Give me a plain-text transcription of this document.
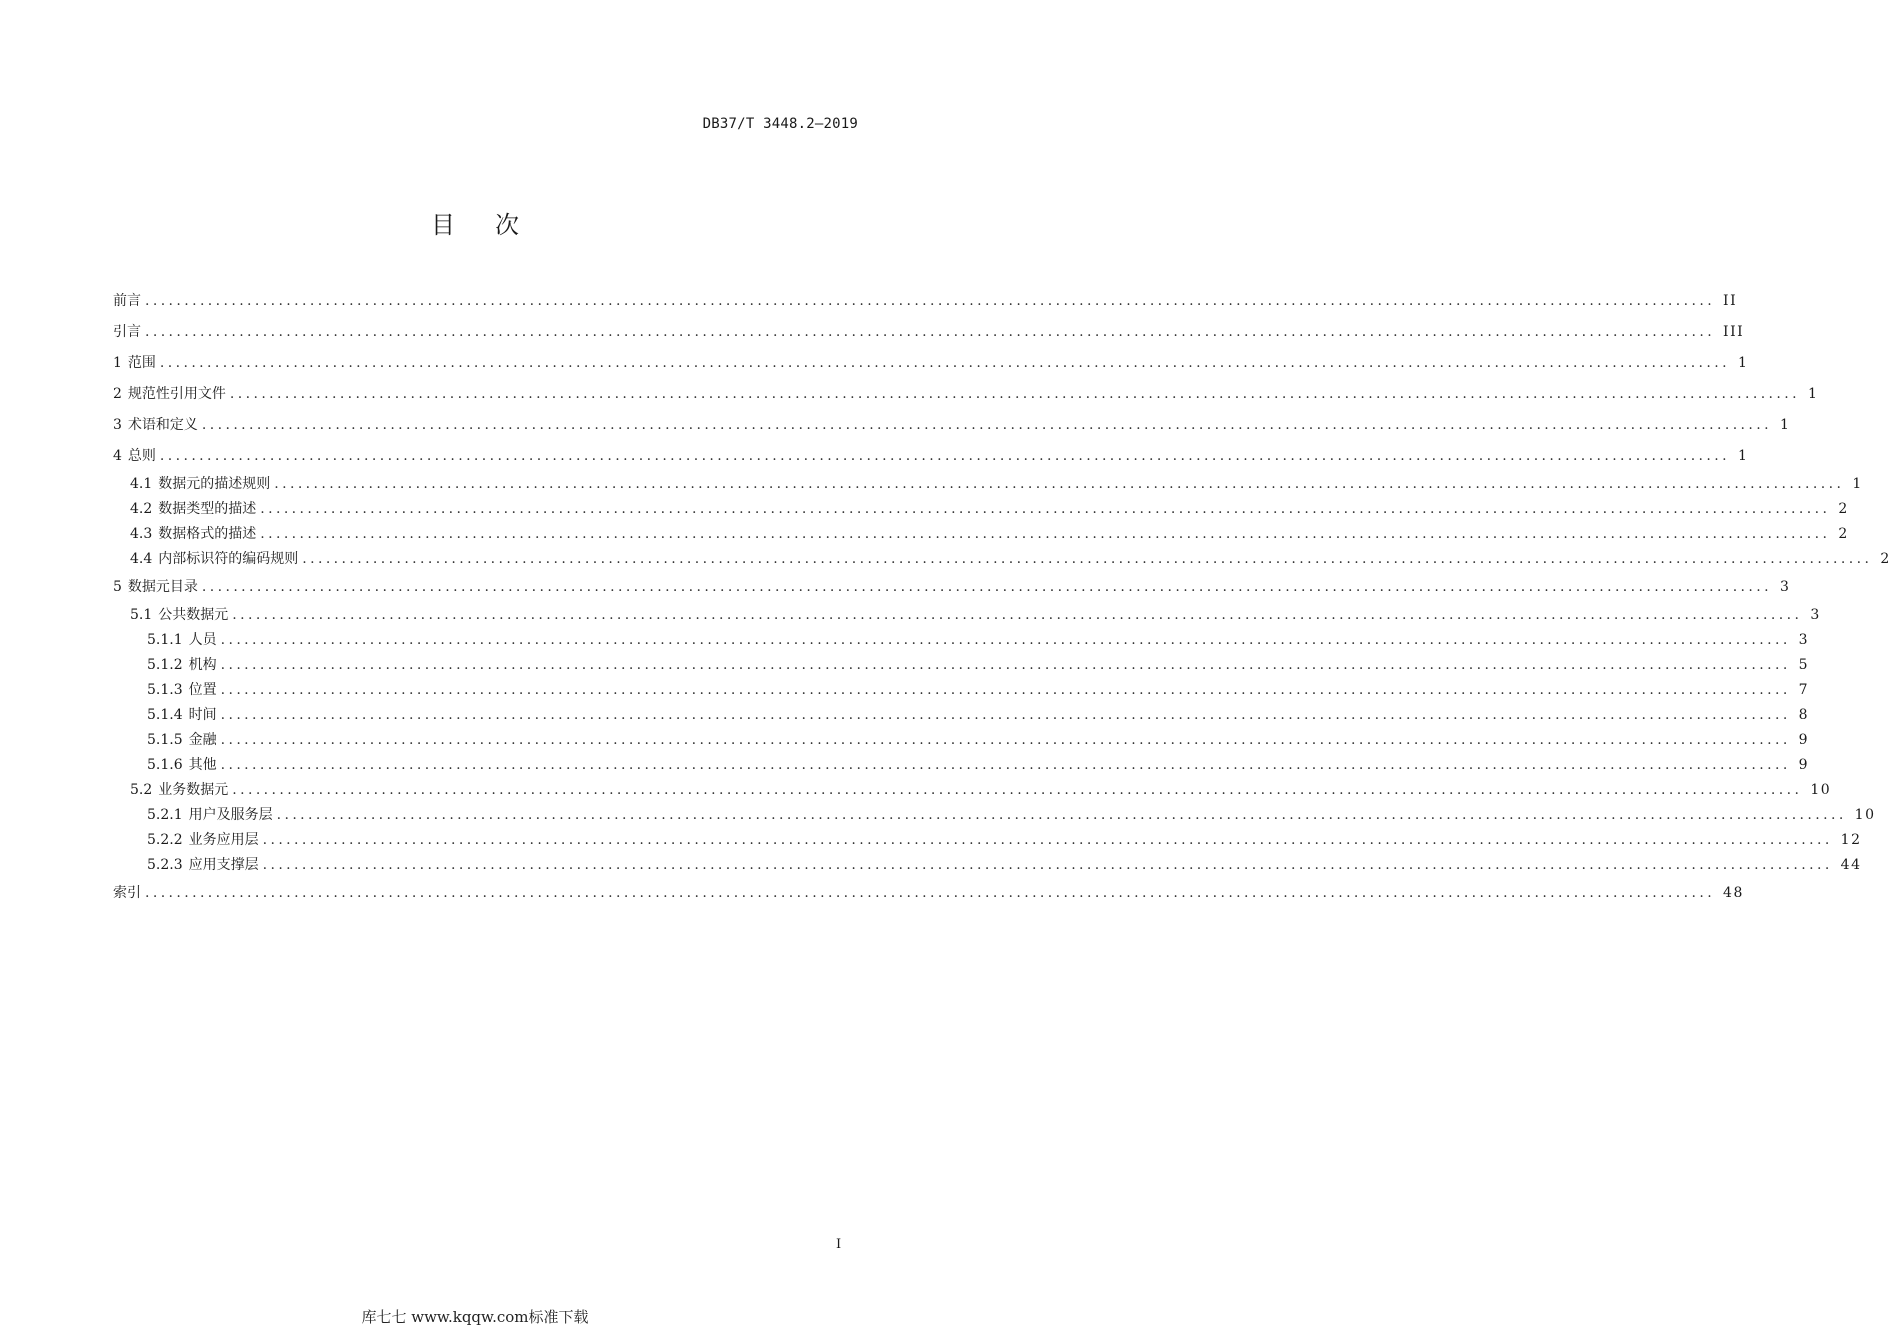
DB37/T 3448.2—2019
目次
前言 ........................................................................................................................................................................................................ II
引言 ........................................................................................................................................................................................................ III
1 范围 ........................................................................................................................................................................................................ 1
2 规范性引用文件 ........................................................................................................................................................................................................ 1
3 术语和定义 ........................................................................................................................................................................................................ 1
4 总则 ........................................................................................................................................................................................................ 1
4.1 数据元的描述规则 ........................................................................................................................................................................................................ 1
4.2 数据类型的描述 ........................................................................................................................................................................................................ 2
4.3 数据格式的描述 ........................................................................................................................................................................................................ 2
4.4 内部标识符的编码规则 ........................................................................................................................................................................................................ 2
5 数据元目录 ........................................................................................................................................................................................................ 3
5.1 公共数据元 ........................................................................................................................................................................................................ 3
5.1.1 人员 ........................................................................................................................................................................................................ 3
5.1.2 机构 ........................................................................................................................................................................................................ 5
5.1.3 位置 ........................................................................................................................................................................................................ 7
5.1.4 时间 ........................................................................................................................................................................................................ 8
5.1.5 金融 ........................................................................................................................................................................................................ 9
5.1.6 其他 ........................................................................................................................................................................................................ 9
5.2 业务数据元 ........................................................................................................................................................................................................ 10
5.2.1 用户及服务层 ........................................................................................................................................................................................................ 10
5.2.2 业务应用层 ........................................................................................................................................................................................................ 12
5.2.3 应用支撑层 ........................................................................................................................................................................................................ 44
索引 ........................................................................................................................................................................................................ 48
I
库七七 www.kqqw.com标准下载
